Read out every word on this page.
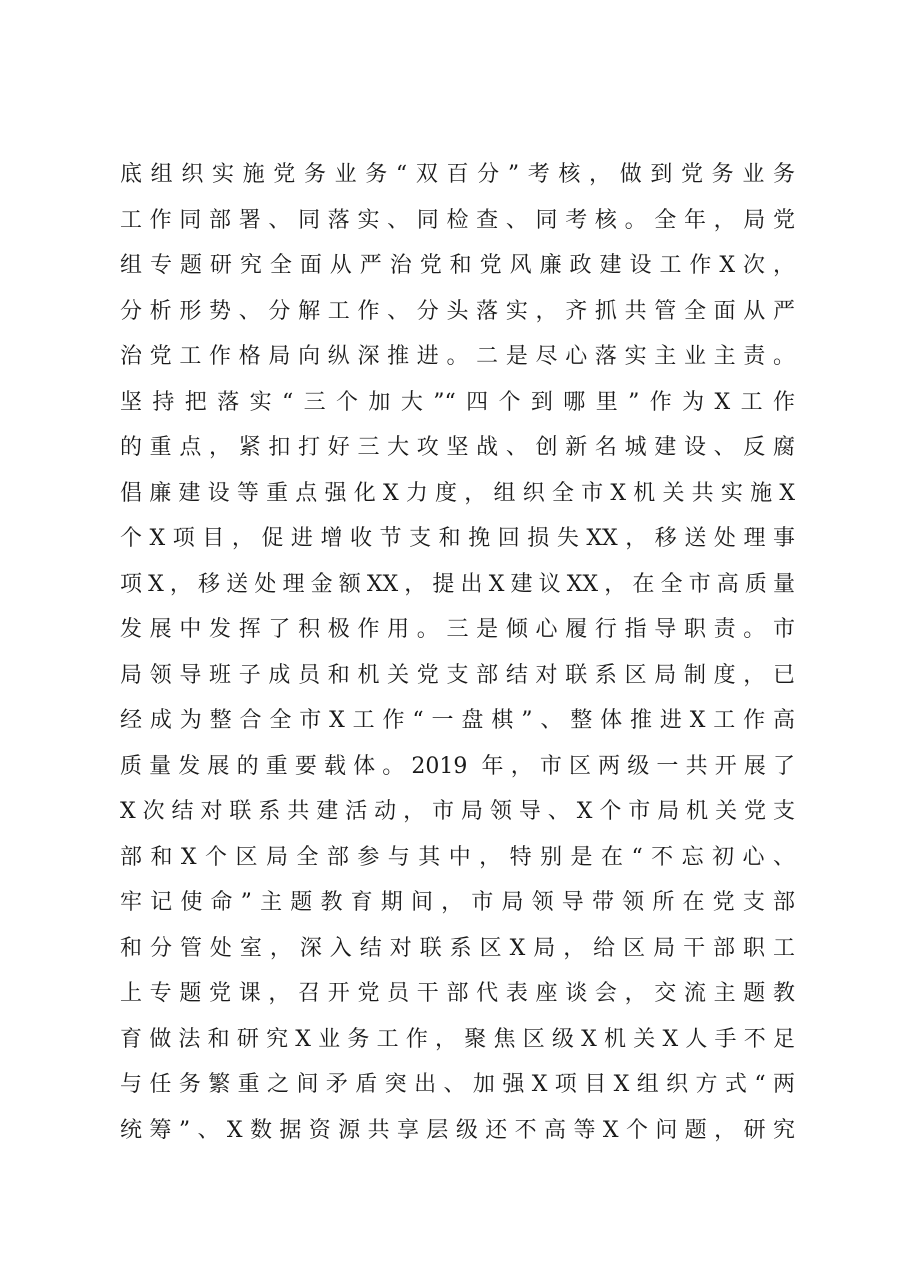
底组织实施党务业务“双百分”考核，做到党务业务
工作同部署、同落实、同检查、同考核。全年，局党
组专题研究全面从严治党和党风廉政建设工作X次，
分析形势、分解工作、分头落实，齐抓共管全面从严
治党工作格局向纵深推进。二是尽心落实主业主责。
坚持把落实“三个加大”“四个到哪里”作为X工作
的重点，紧扣打好三大攻坚战、创新名城建设、反腐
倡廉建设等重点强化X力度，组织全市X机关共实施X
个X项目，促进增收节支和挽回损失XX，移送处理事
项X，移送处理金额XX，提出X建议XX，在全市高质量
发展中发挥了积极作用。三是倾心履行指导职责。市
局领导班子成员和机关党支部结对联系区局制度，已
经成为整合全市X工作“一盘棋”、整体推进X工作高
质量发展的重要载体。2019 年，市区两级一共开展了
X次结对联系共建活动，市局领导、X个市局机关党支
部和X个区局全部参与其中，特别是在“不忘初心、
牢记使命”主题教育期间，市局领导带领所在党支部
和分管处室，深入结对联系区X局，给区局干部职工
上专题党课，召开党员干部代表座谈会，交流主题教
育做法和研究X业务工作，聚焦区级X机关X人手不足
与任务繁重之间矛盾突出、加强X项目X组织方式“两
统筹”、X数据资源共享层级还不高等X个问题，研究
